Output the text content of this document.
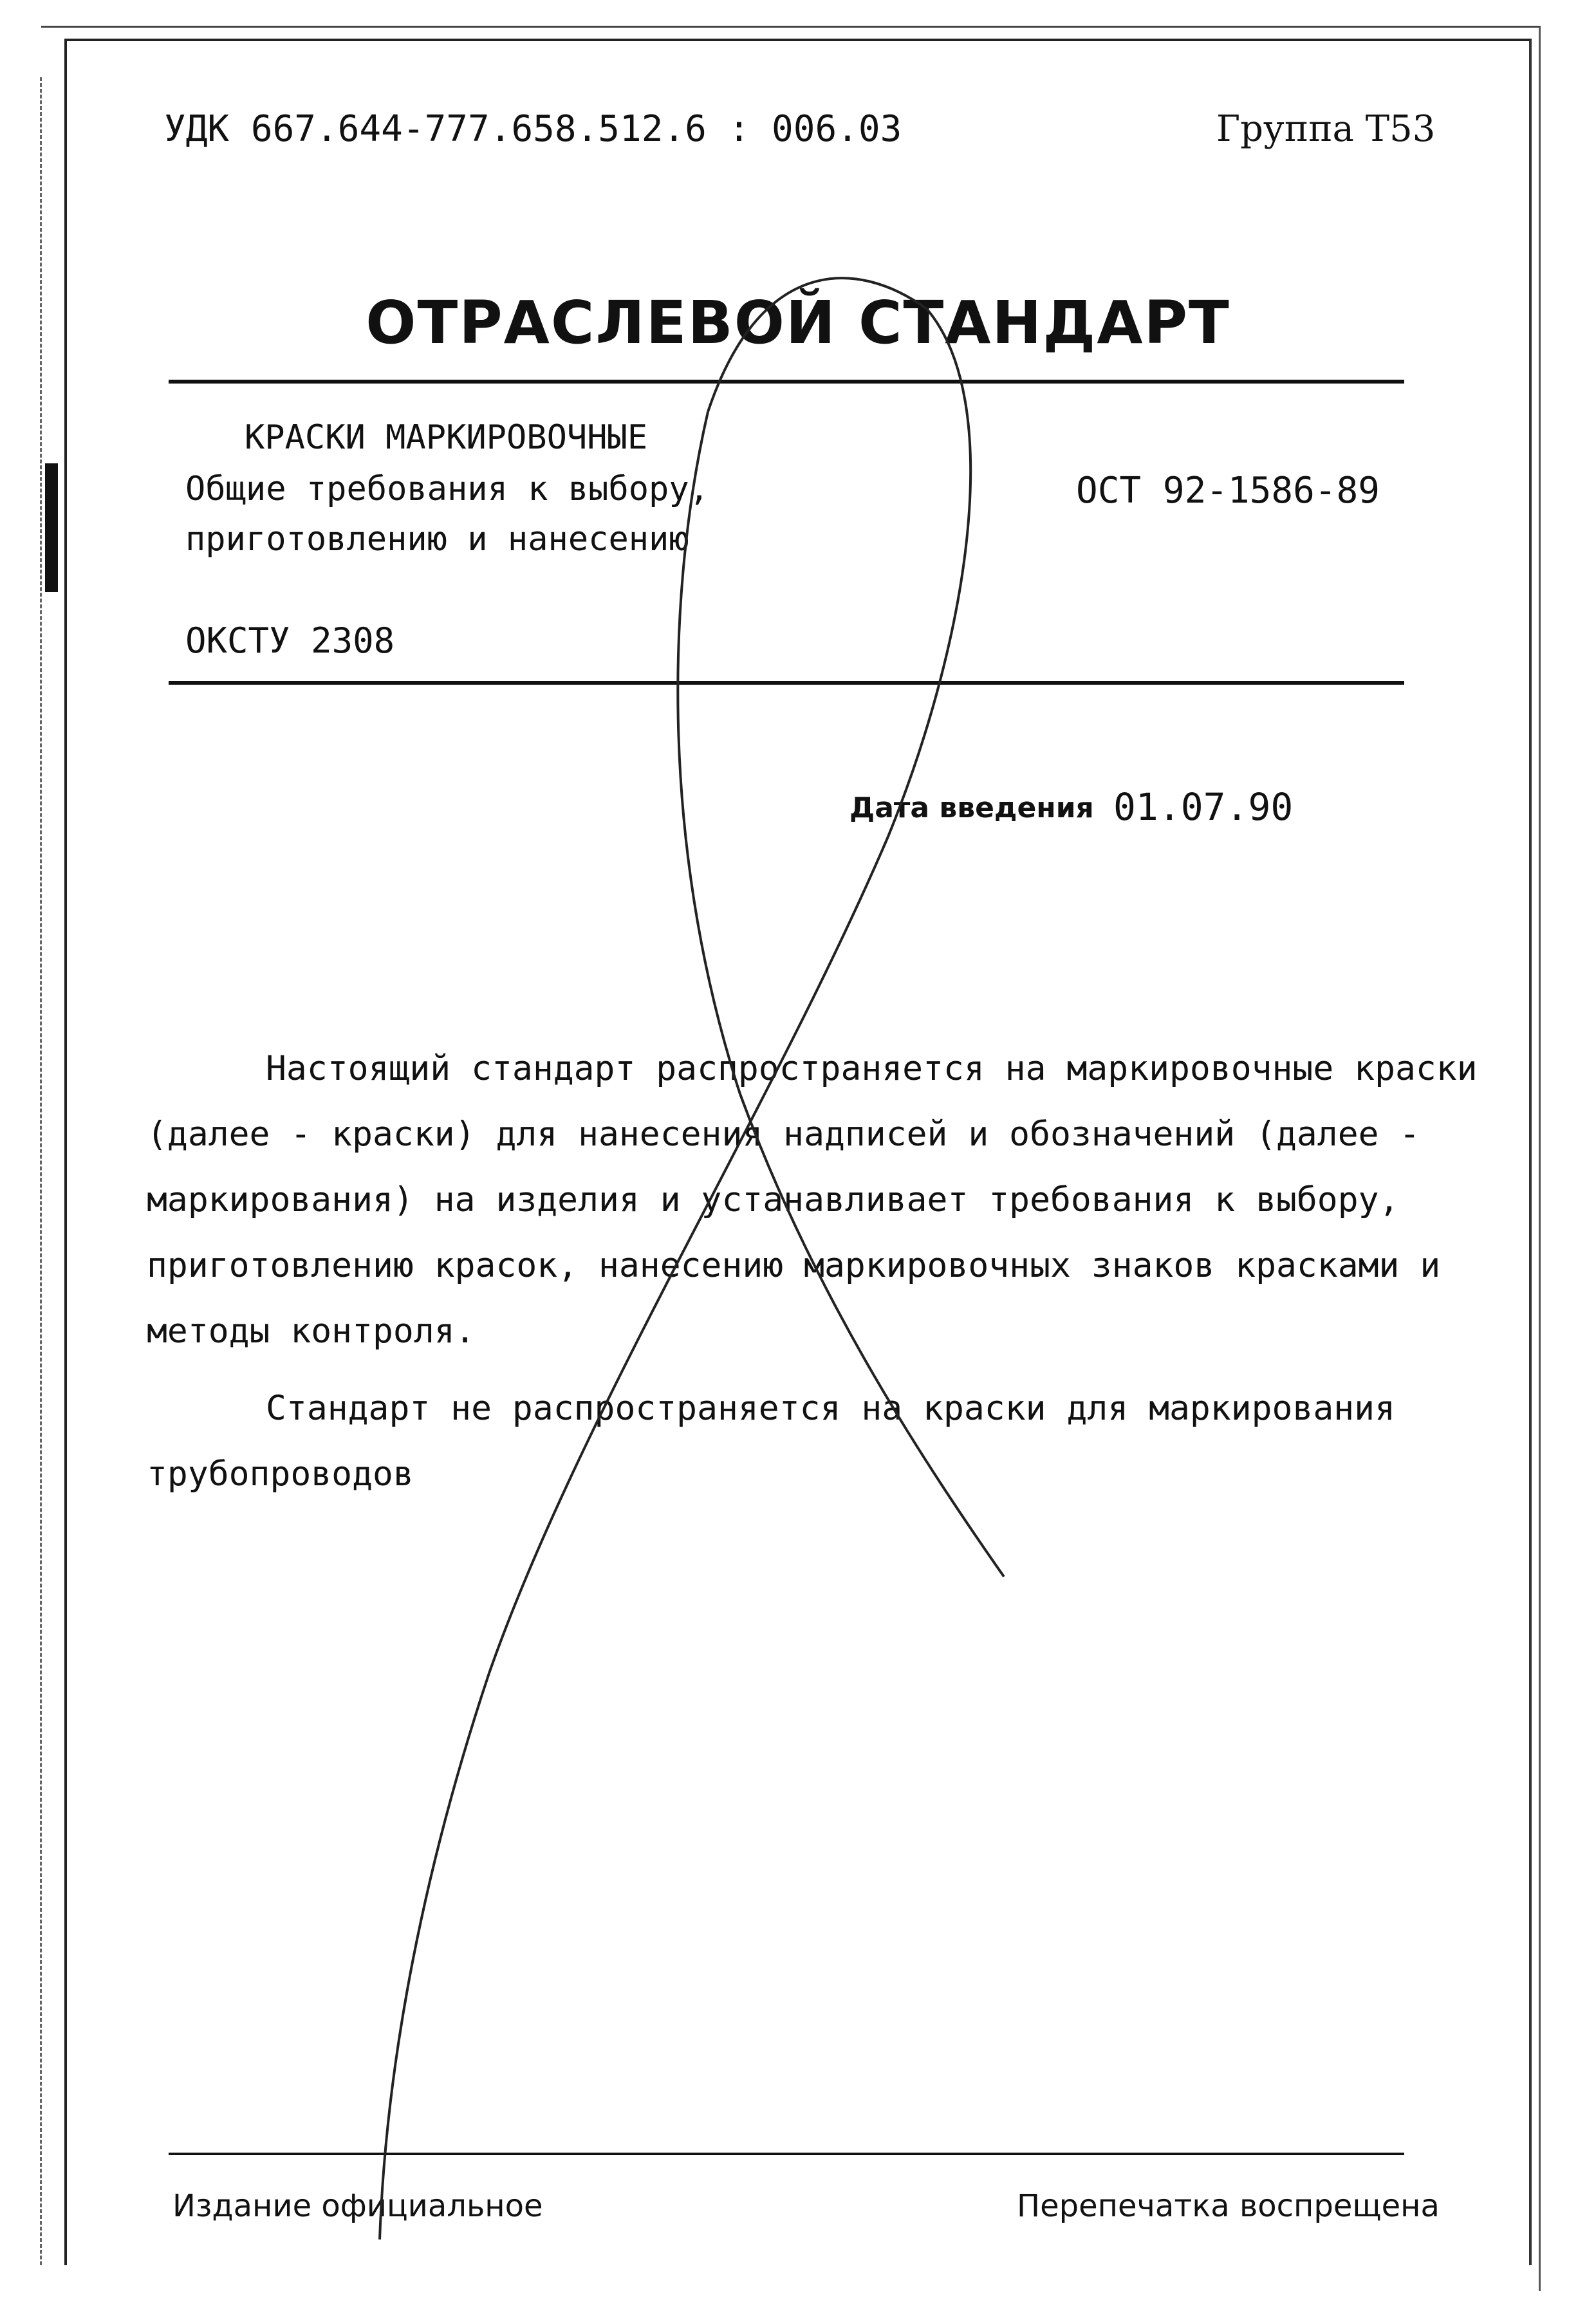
УДК 667.644-777.658.512.6 : 006.03	Группа Т53
ОТРАСЛЕВОЙ СТАНДАРТ
КРАСКИ МАРКИРОВОЧНЫЕ
Общие требования к выбору,
приготовлению и нанесению
ОСТ 92-1586-89
ОКСТУ 2308
Дата введения 01.07.90

Настоящий стандарт распространяется на маркировочные краски (далее - краски) для нанесения надписей и обозначений (далее - маркирования) на изделия и устанавливает требования к выбору, приготовлению красок, нанесению маркировочных знаков красками и методы контроля.

Стандарт не распространяется на краски для маркирования трубопроводов

Издание официальное	Перепечатка воспрещена
